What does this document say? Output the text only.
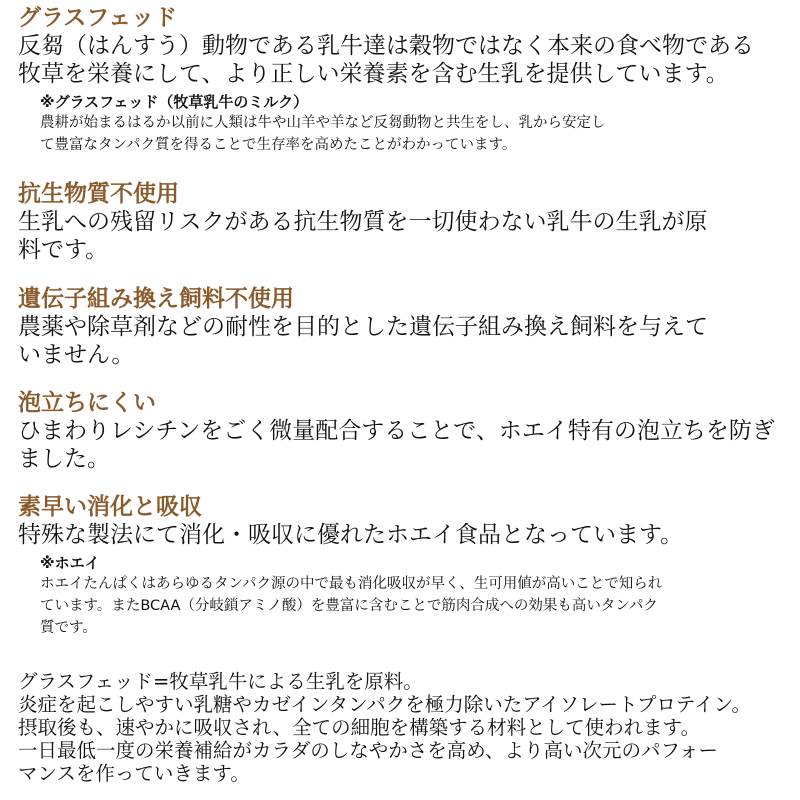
グラスフェッド
反芻（はんすう）動物である乳牛達は穀物ではなく本来の食べ物である
牧草を栄養にして、より正しい栄養素を含む生乳を提供しています。
※グラスフェッド（牧草乳牛のミルク）
農耕が始まるはるか以前に人類は牛や山羊や羊など反芻動物と共生をし、乳から安定し
て豊富なタンパク質を得ることで生存率を高めたことがわかっています。
抗生物質不使用
生乳への残留リスクがある抗生物質を一切使わない乳牛の生乳が原
料です。
遺伝子組み換え飼料不使用
農薬や除草剤などの耐性を目的とした遺伝子組み換え飼料を与えて
いません。
泡立ちにくい
ひまわりレシチンをごく微量配合することで、ホエイ特有の泡立ちを防ぎ
ました。
素早い消化と吸収
特殊な製法にて消化・吸収に優れたホエイ食品となっています。
※ホエイ
ホエイたんぱくはあらゆるタンパク源の中で最も消化吸収が早く、生可用値が高いことで知られ
ています。またBCAA（分岐鎖アミノ酸）を豊富に含むことで筋肉合成への効果も高いタンパク
質です。
グラスフェッド=牧草乳牛による生乳を原料。
炎症を起こしやすい乳糖やカゼインタンパクを極力除いたアイソレートプロテイン。
摂取後も、速やかに吸収され、全ての細胞を構築する材料として使われます。
一日最低一度の栄養補給がカラダのしなやかさを高め、より高い次元のパフォー
マンスを作っていきます。
